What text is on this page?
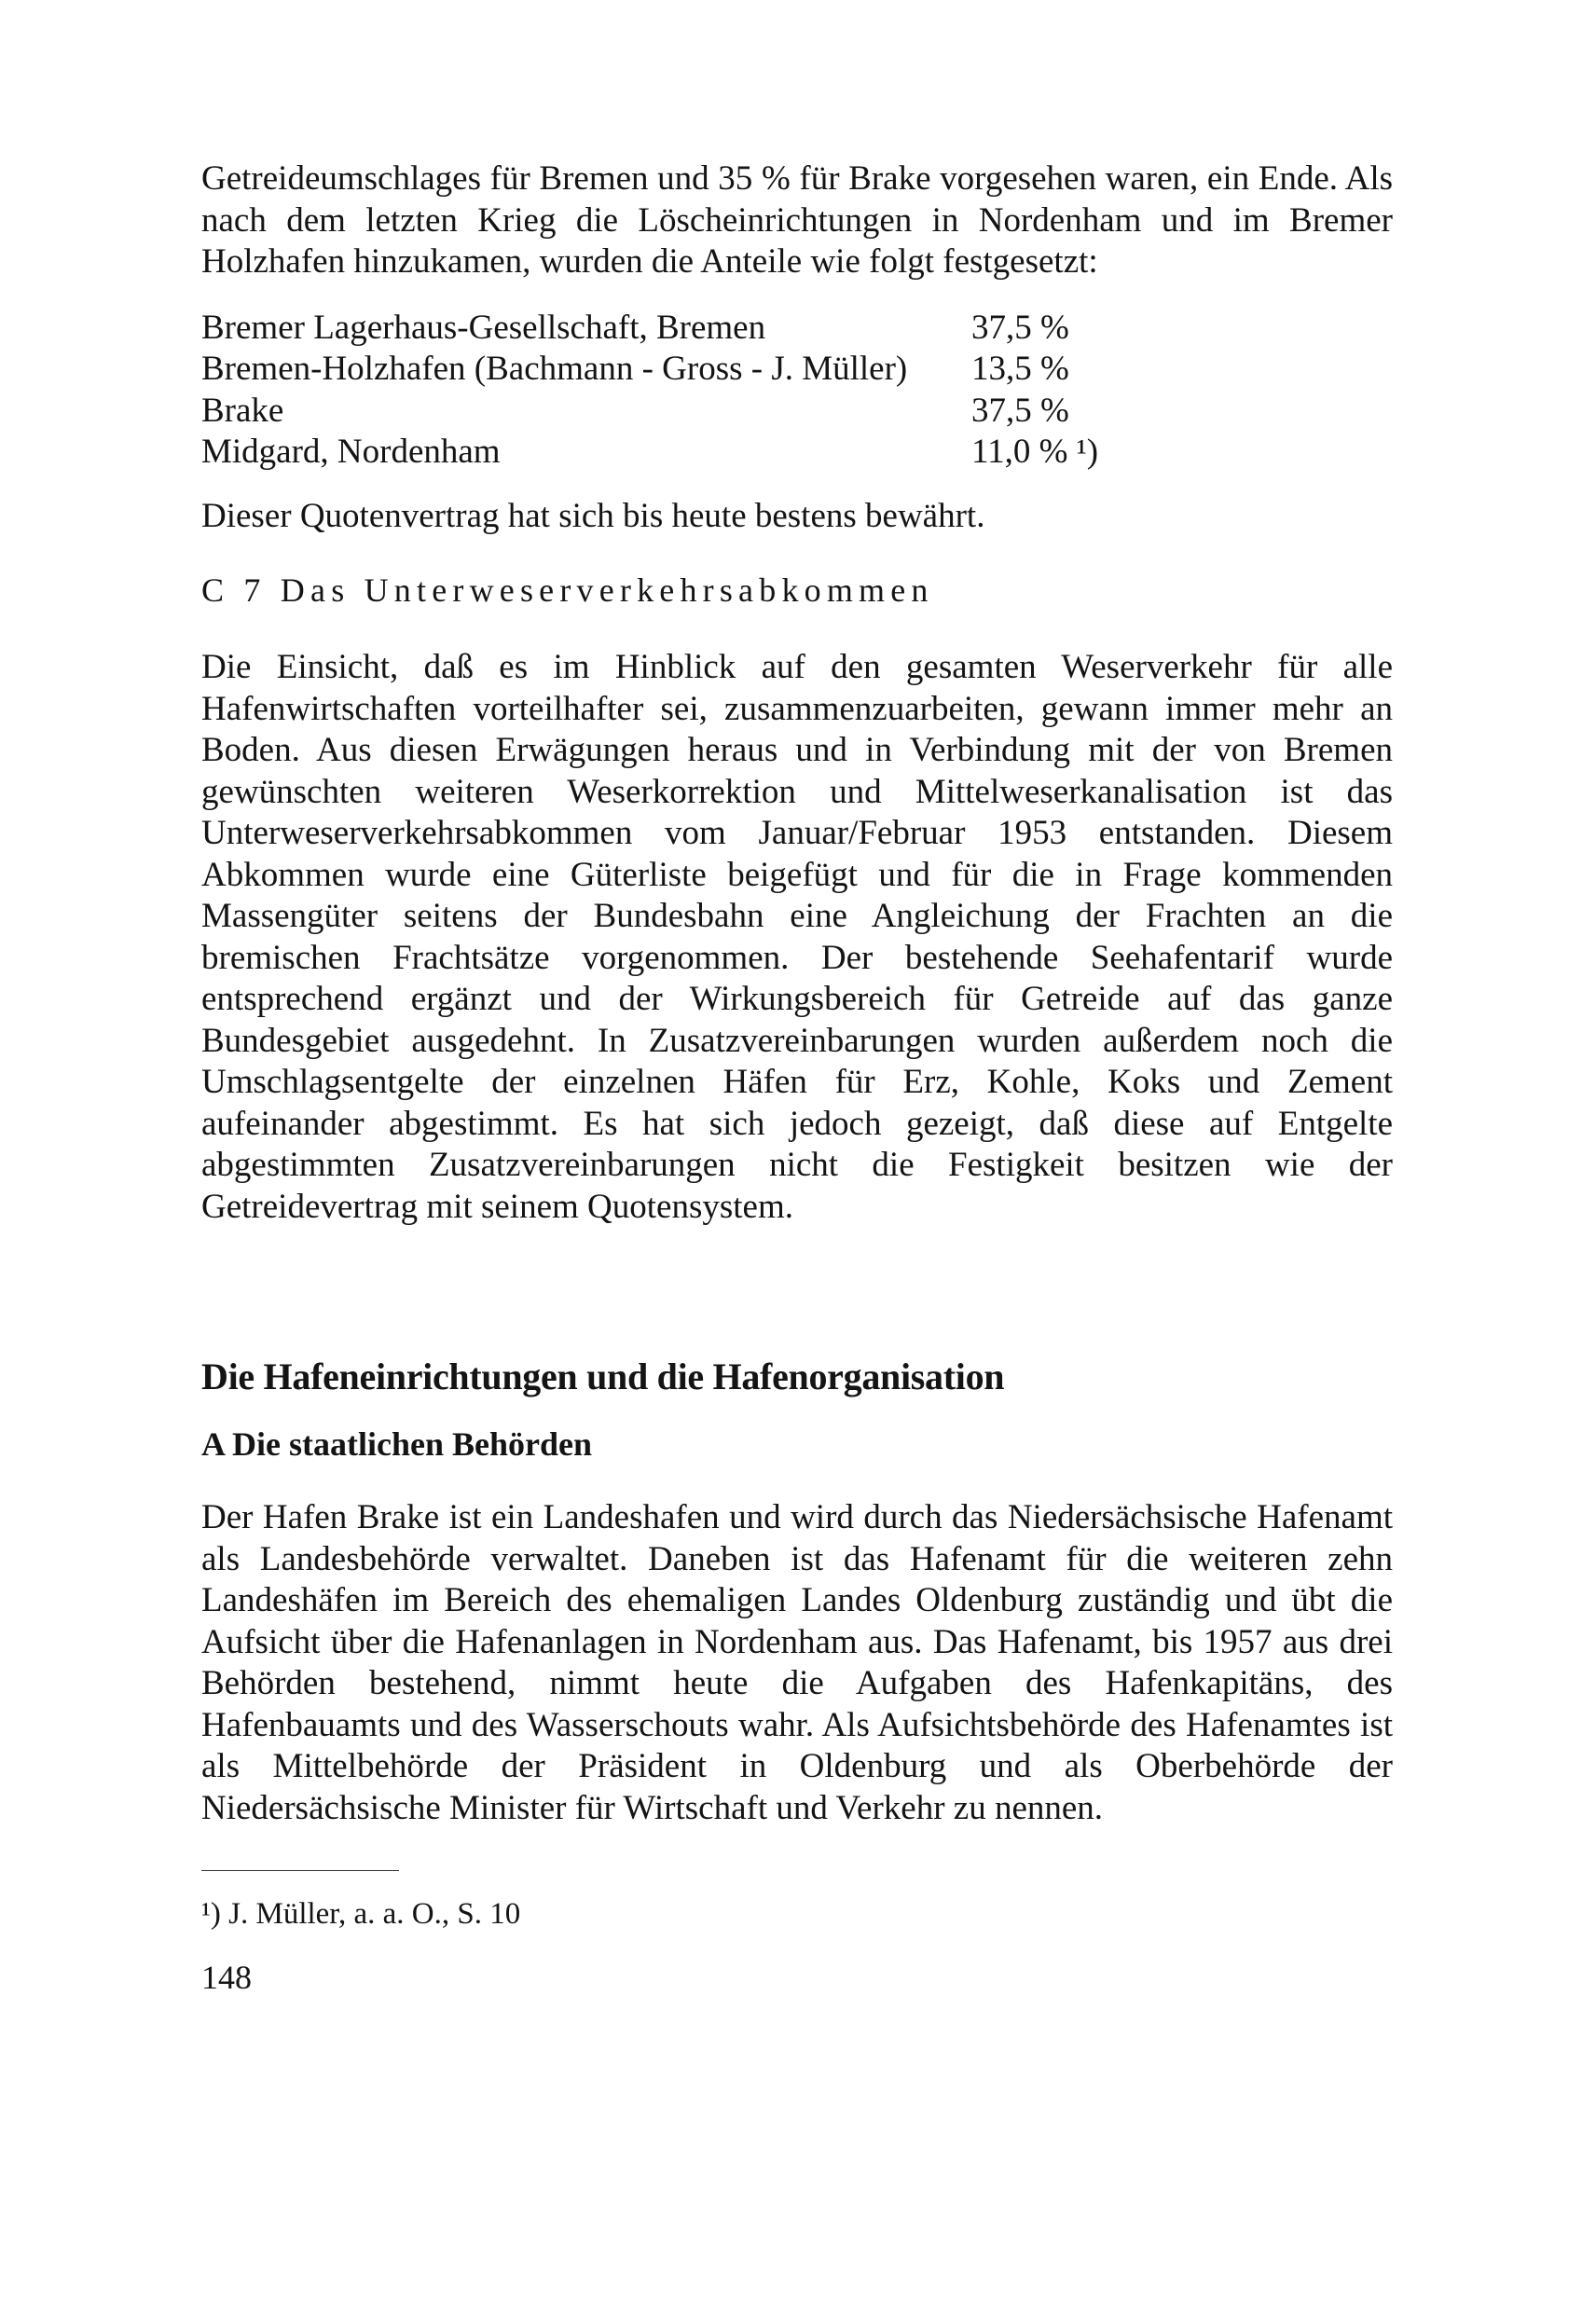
Getreideumschlages für Bremen und 35 % für Brake vorgesehen waren, ein Ende. Als nach dem letzten Krieg die Löscheinrichtungen in Nordenham und im Bremer Holzhafen hinzukamen, wurden die Anteile wie folgt festgesetzt:

Bremer Lagerhaus-Gesellschaft, Bremen	37,5 %
Bremen-Holzhafen (Bachmann - Gross - J. Müller)	13,5 %
Brake	37,5 %
Midgard, Nordenham	11,0 % ¹)

Dieser Quotenvertrag hat sich bis heute bestens bewährt.

C 7 Das Unterweserverkehrsabkommen

Die Einsicht, daß es im Hinblick auf den gesamten Weserverkehr für alle Hafenwirtschaften vorteilhafter sei, zusammenzuarbeiten, gewann immer mehr an Boden. Aus diesen Erwägungen heraus und in Verbindung mit der von Bremen gewünschten weiteren Weserkorrektion und Mittelweserkanalisation ist das Unterweserverkehrsabkommen vom Januar/Februar 1953 entstanden. Diesem Abkommen wurde eine Güterliste beigefügt und für die in Frage kommenden Massengüter seitens der Bundesbahn eine Angleichung der Frachten an die bremischen Frachtsätze vorgenommen. Der bestehende Seehafentarif wurde entsprechend ergänzt und der Wirkungsbereich für Getreide auf das ganze Bundesgebiet ausgedehnt. In Zusatzvereinbarungen wurden außerdem noch die Umschlagsentgelte der einzelnen Häfen für Erz, Kohle, Koks und Zement aufeinander abgestimmt. Es hat sich jedoch gezeigt, daß diese auf Entgelte abgestimmten Zusatzvereinbarungen nicht die Festigkeit besitzen wie der Getreidevertrag mit seinem Quotensystem.

Die Hafeneinrichtungen und die Hafenorganisation
A Die staatlichen Behörden

Der Hafen Brake ist ein Landeshafen und wird durch das Niedersächsische Hafenamt als Landesbehörde verwaltet. Daneben ist das Hafenamt für die weiteren zehn Landeshäfen im Bereich des ehemaligen Landes Oldenburg zuständig und übt die Aufsicht über die Hafenanlagen in Nordenham aus. Das Hafenamt, bis 1957 aus drei Behörden bestehend, nimmt heute die Aufgaben des Hafenkapitäns, des Hafenbauamts und des Wasserschouts wahr. Als Aufsichtsbehörde des Hafenamtes ist als Mittelbehörde der Präsident in Oldenburg und als Oberbehörde der Niedersächsische Minister für Wirtschaft und Verkehr zu nennen.

¹) J. Müller, a. a. O., S. 10

148
